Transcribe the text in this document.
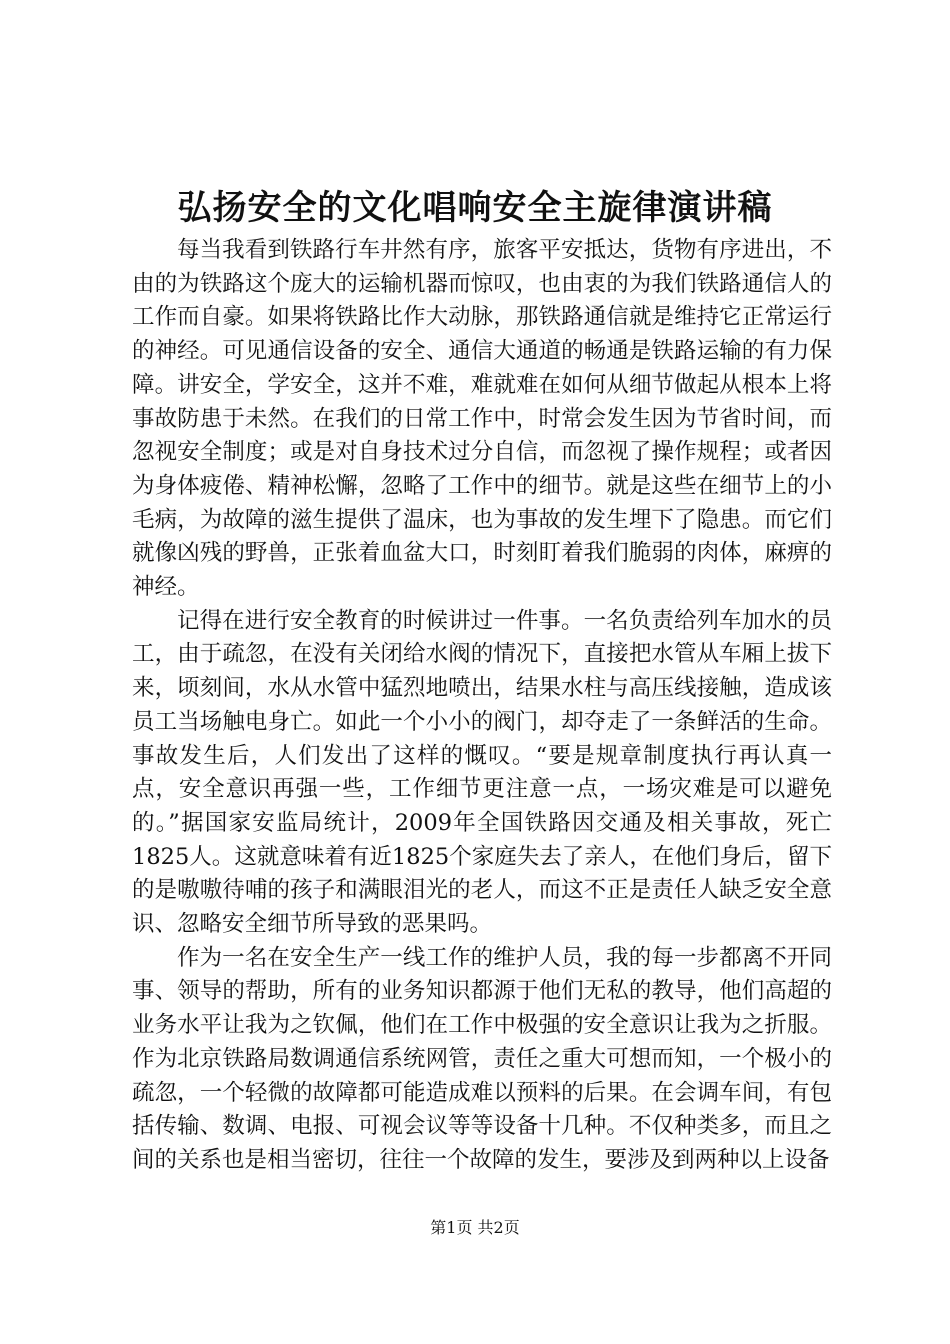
弘扬安全的文化唱响安全主旋律演讲稿

每当我看到铁路行车井然有序，旅客平安抵达，货物有序进出，不由的为铁路这个庞大的运输机器而惊叹，也由衷的为我们铁路通信人的工作而自豪。如果将铁路比作大动脉，那铁路通信就是维持它正常运行的神经。可见通信设备的安全、通信大通道的畅通是铁路运输的有力保障。讲安全，学安全，这并不难，难就难在如何从细节做起从根本上将事故防患于未然。在我们的日常工作中，时常会发生因为节省时间，而忽视安全制度；或是对自身技术过分自信，而忽视了操作规程；或者因为身体疲倦、精神松懈，忽略了工作中的细节。就是这些在细节上的小毛病，为故障的滋生提供了温床，也为事故的发生埋下了隐患。而它们就像凶残的野兽，正张着血盆大口，时刻盯着我们脆弱的肉体，麻痹的神经。

记得在进行安全教育的时候讲过一件事。一名负责给列车加水的员工，由于疏忽，在没有关闭给水阀的情况下，直接把水管从车厢上拔下来，顷刻间，水从水管中猛烈地喷出，结果水柱与高压线接触，造成该员工当场触电身亡。如此一个小小的阀门，却夺走了一条鲜活的生命。事故发生后，人们发出了这样的慨叹。“要是规章制度执行再认真一点，安全意识再强一些，工作细节更注意一点，一场灾难是可以避免的。”据国家安监局统计，2009年全国铁路因交通及相关事故，死亡1825人。这就意味着有近1825个家庭失去了亲人，在他们身后，留下的是嗷嗷待哺的孩子和满眼泪光的老人，而这不正是责任人缺乏安全意识、忽略安全细节所导致的恶果吗。

作为一名在安全生产一线工作的维护人员，我的每一步都离不开同事、领导的帮助，所有的业务知识都源于他们无私的教导，他们高超的业务水平让我为之钦佩，他们在工作中极强的安全意识让我为之折服。作为北京铁路局数调通信系统网管，责任之重大可想而知，一个极小的疏忽，一个轻微的故障都可能造成难以预料的后果。在会调车间，有包括传输、数调、电报、可视会议等等设备十几种。不仅种类多，而且之间的关系也是相当密切，往往一个故障的发生，要涉及到两种以上设备

第1页 共2页
